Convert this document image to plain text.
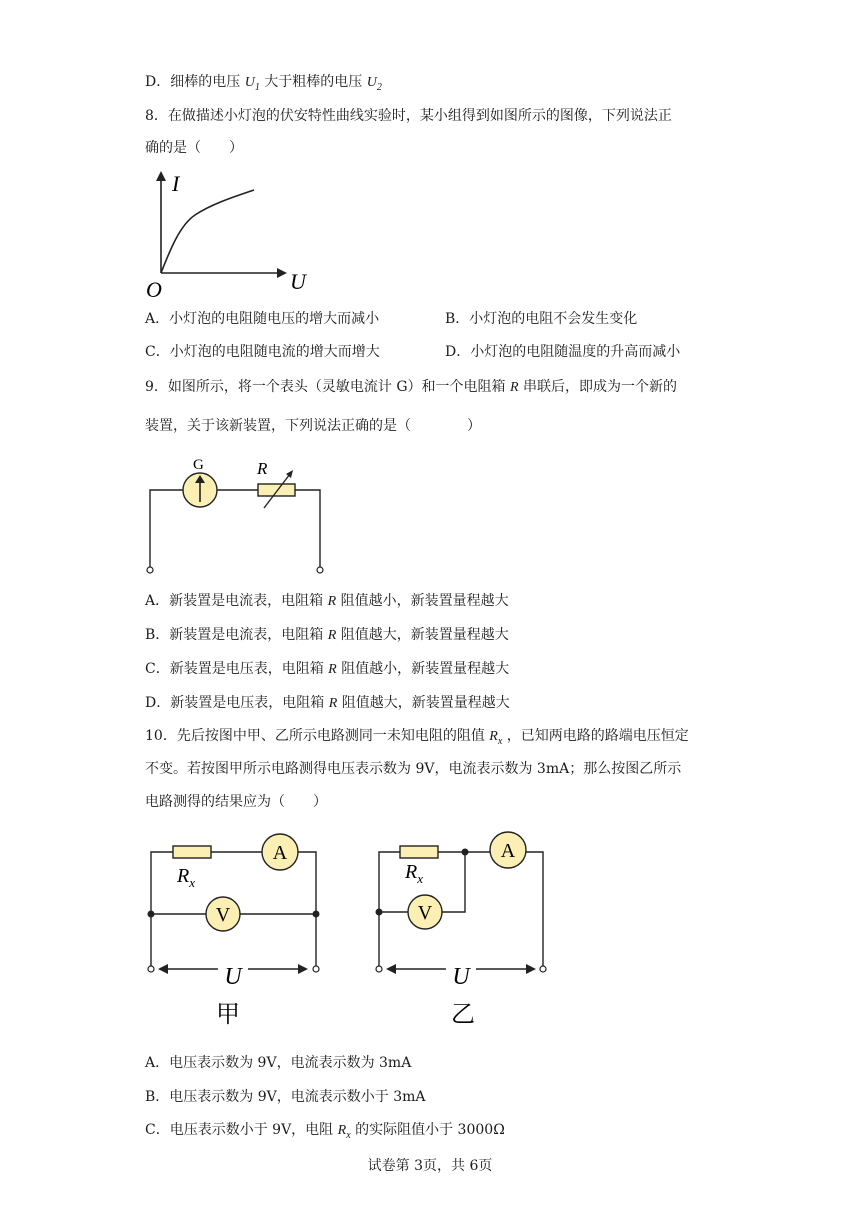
D．细棒的电压 $U_1$ 大于粗棒的电压 $U_2$
8．在做描述小灯泡的伏安特性曲线实验时，某小组得到如图所示的图像，下列说法正
确的是（　　）
I
U
O
A．小灯泡的电阻随电压的增大而减小	B．小灯泡的电阻不会发生变化
C．小灯泡的电阻随电流的增大而增大	D．小灯泡的电阻随温度的升高而减小
9．如图所示，将一个表头（灵敏电流计 G）和一个电阻箱 R 串联后，即成为一个新的
装置，关于该新装置，下列说法正确的是（　　　　）
G	R
A．新装置是电流表，电阻箱 R 阻值越小，新装置量程越大
B．新装置是电流表，电阻箱 R 阻值越大，新装置量程越大
C．新装置是电压表，电阻箱 R 阻值越小，新装置量程越大
D．新装置是电压表，电阻箱 R 阻值越大，新装置量程越大
10．先后按图中甲、乙所示电路测同一未知电阻的阻值 $R_x$ ，已知两电路的路端电压恒定
不变。若按图甲所示电路测得电压表示数为 9V，电流表示数为 3mA；那么按图乙所示
电路测得的结果应为（　　）
$R_x$
A
V
U
甲
$R_x$
A
V
U
乙
A．电压表示数为 9V，电流表示数为 3mA
B．电压表示数为 9V，电流表示数小于 3mA
C．电压表示数小于 9V，电阻 $R_x$ 的实际阻值小于 3000Ω
试卷第 3页，共 6页
